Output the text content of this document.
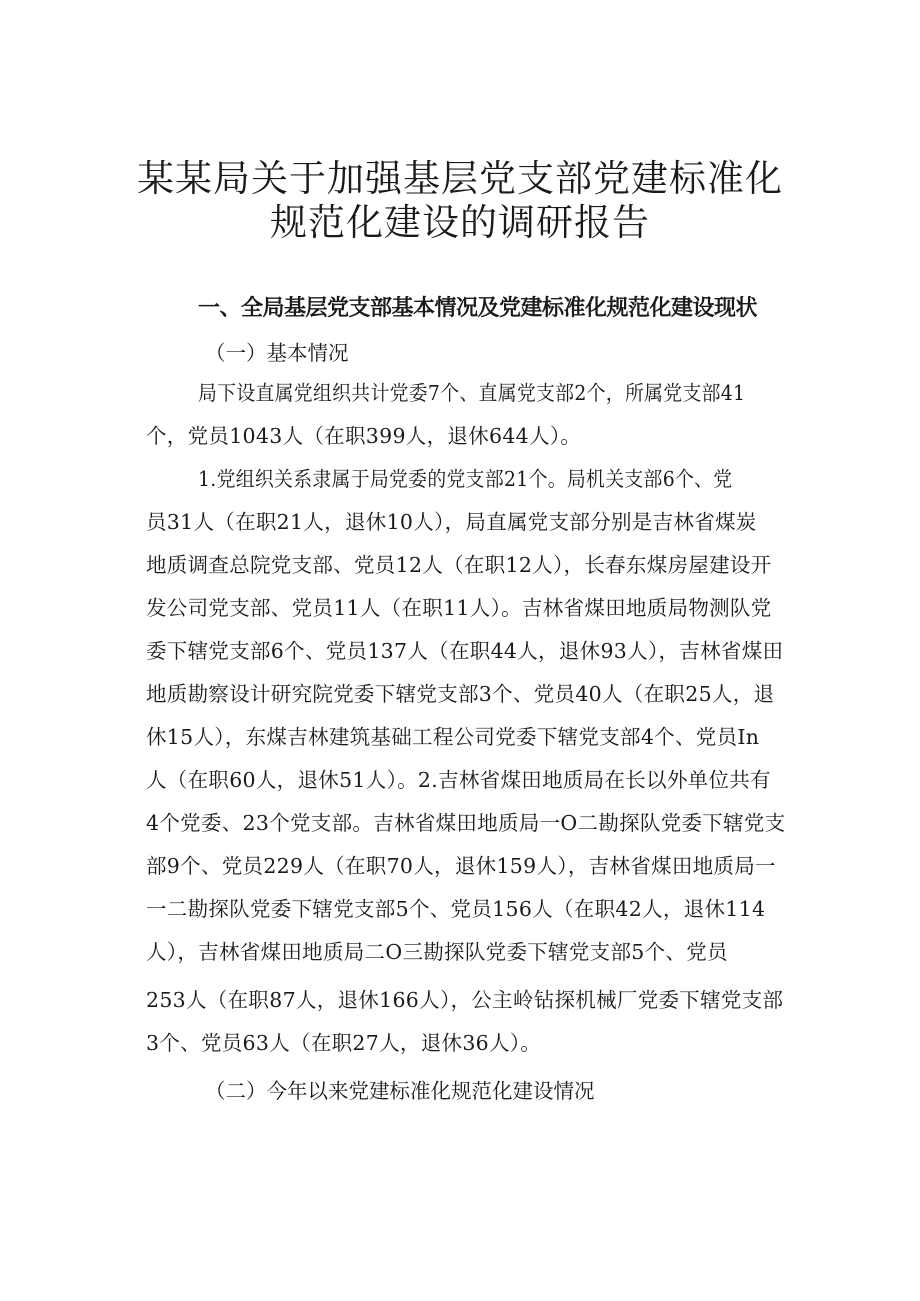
某某局关于加强基层党支部党建标准化
规范化建设的调研报告
一、全局基层党支部基本情况及党建标准化规范化建设现状

（一）基本情况

局下设直属党组织共计党委7个、直属党支部2个，所属党支部41

个，党员1043人（在职399人，退休644人）。

1.党组织关系隶属于局党委的党支部21个。局机关支部6个、党

员31人（在职21人，退休10人），局直属党支部分别是吉林省煤炭

地质调查总院党支部、党员12人（在职12人），长春东煤房屋建设开

发公司党支部、党员11人（在职11人）。吉林省煤田地质局物测队党

委下辖党支部6个、党员137人（在职44人，退休93人），吉林省煤田

地质勘察设计研究院党委下辖党支部3个、党员40人（在职25人，退

休15人），东煤吉林建筑基础工程公司党委下辖党支部4个、党员In

人（在职60人，退休51人）。2.吉林省煤田地质局在长以外单位共有

4个党委、23个党支部。吉林省煤田地质局一O二勘探队党委下辖党支

部9个、党员229人（在职70人，退休159人），吉林省煤田地质局一

一二勘探队党委下辖党支部5个、党员156人（在职42人，退休114

人），吉林省煤田地质局二O三勘探队党委下辖党支部5个、党员

253人（在职87人，退休166人），公主岭钻探机械厂党委下辖党支部

3个、党员63人（在职27人，退休36人）。

（二）今年以来党建标准化规范化建设情况
